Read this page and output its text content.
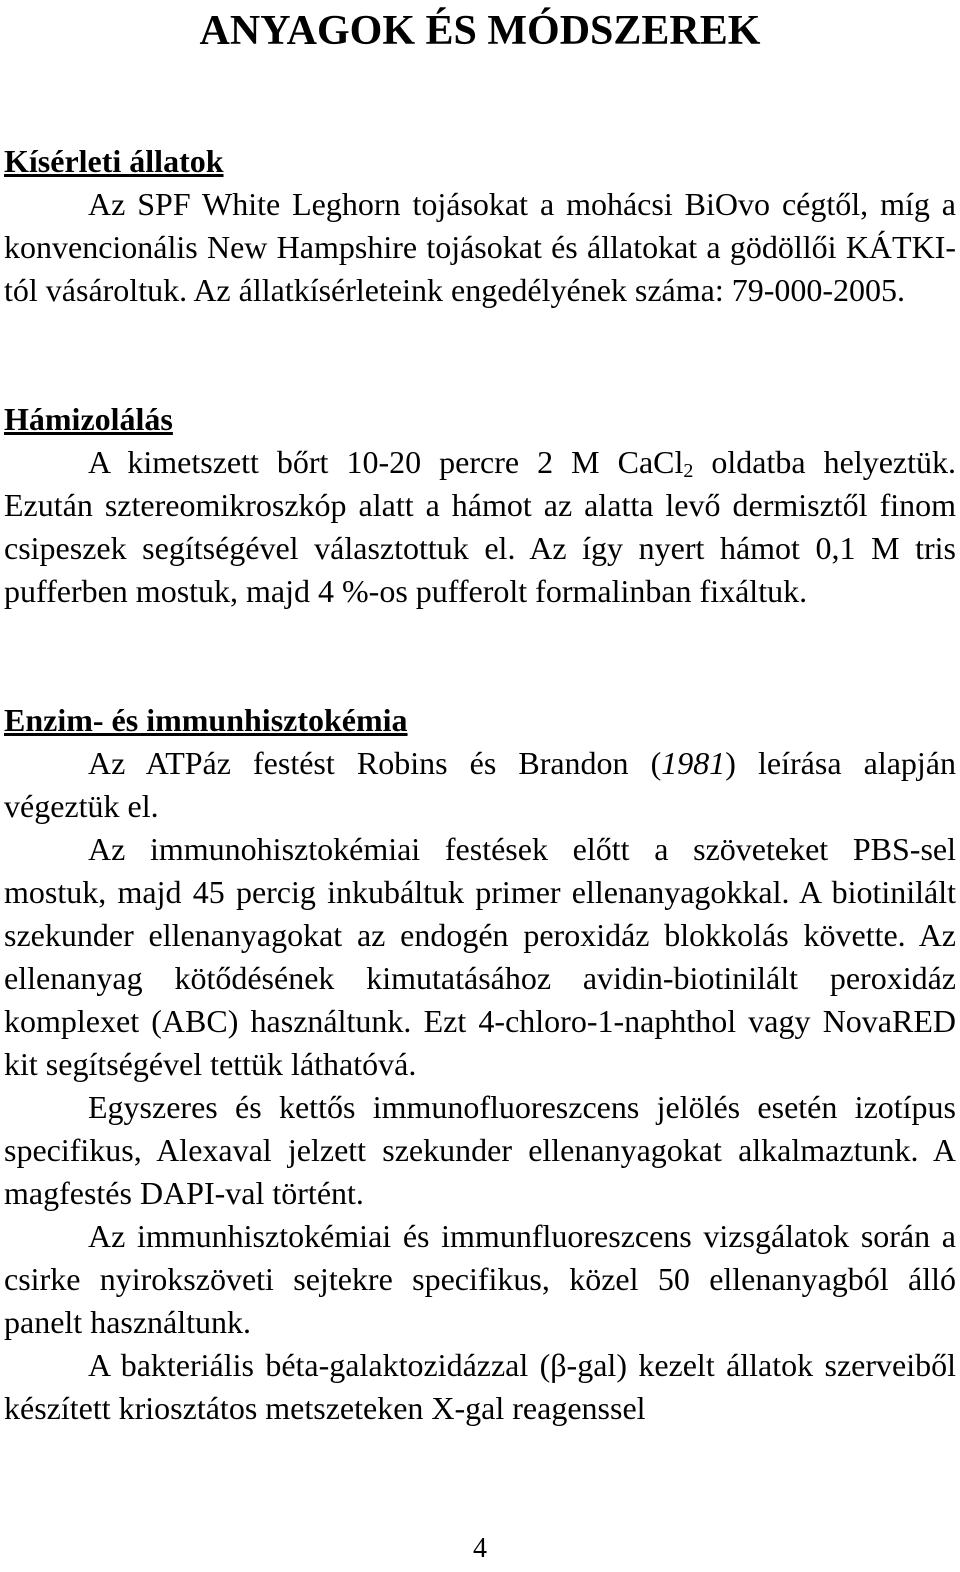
ANYAGOK ÉS MÓDSZEREK

Kísérleti állatok

Az SPF White Leghorn tojásokat a mohácsi BiOvo cégtől, míg a konvencionális New Hampshire tojásokat és állatokat a gödöllői KÁTKI-tól vásároltuk. Az állatkísérleteink engedélyének száma: 79-000-2005.

Hámizolálás

A kimetszett bőrt 10-20 percre 2 M CaCl$_2$ oldatba helyeztük. Ezután sztereomikroszkóp alatt a hámot az alatta levő dermisztől finom csipeszek segítségével választottuk el. Az így nyert hámot 0,1 M tris pufferben mostuk, majd 4 %-os pufferolt formalinban fixáltuk.

Enzim- és immunhisztokémia

Az ATPáz festést Robins és Brandon (1981) leírása alapján végeztük el.

Az immunohisztokémiai festések előtt a szöveteket PBS-sel mostuk, majd 45 percig inkubáltuk primer ellenanyagokkal. A biotinilált szekunder ellenanyagokat az endogén peroxidáz blokkolás követte. Az ellenanyag kötődésének kimutatásához avidin-biotinilált peroxidáz komplexet (ABC) használtunk. Ezt 4-chloro-1-naphthol vagy NovaRED kit segítségével tettük láthatóvá.

Egyszeres és kettős immunofluoreszcens jelölés esetén izotípus specifikus, Alexaval jelzett szekunder ellenanyagokat alkalmaztunk. A magfestés DAPI-val történt.

Az immunhisztokémiai és immunfluoreszcens vizsgálatok során a csirke nyirokszöveti sejtekre specifikus, közel 50 ellenanyagból álló panelt használtunk.

A bakteriális béta-galaktozidázzal (β-gal) kezelt állatok szerveiből készített kriosztátos metszeteken X-gal reagenssel

4
